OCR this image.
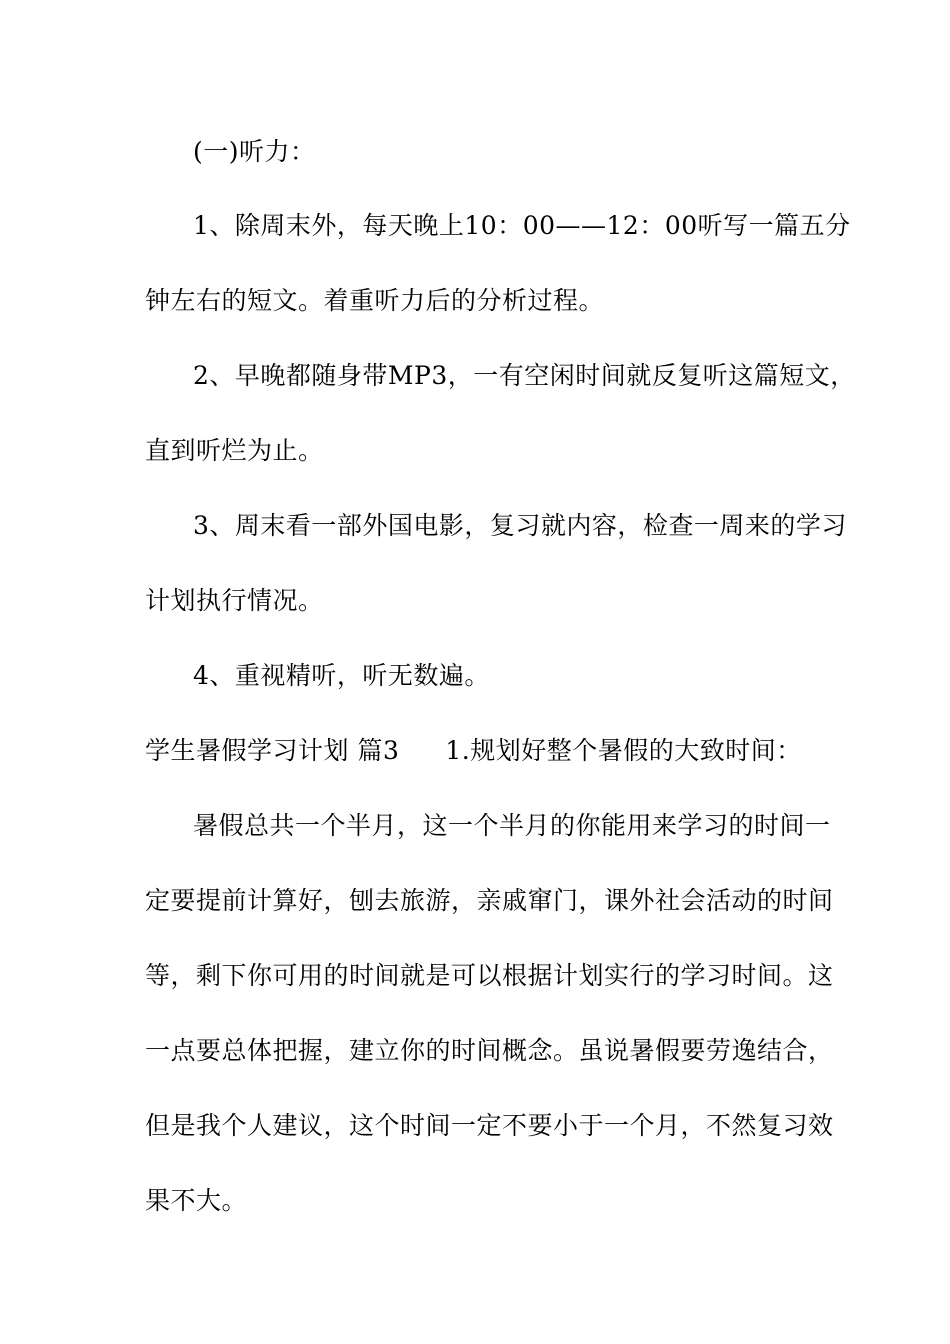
(一)听力：
1、除周末外，每天晚上10：00——12：00听写一篇五分
钟左右的短文。着重听力后的分析过程。
2、早晚都随身带MP3，一有空闲时间就反复听这篇短文，
直到听烂为止。
3、周末看一部外国电影，复习就内容，检查一周来的学习
计划执行情况。
4、重视精听，听无数遍。
学生暑假学习计划 篇3 1.规划好整个暑假的大致时间：
暑假总共一个半月，这一个半月的你能用来学习的时间一
定要提前计算好，刨去旅游，亲戚窜门，课外社会活动的时间
等，剩下你可用的时间就是可以根据计划实行的学习时间。这
一点要总体把握，建立你的时间概念。虽说暑假要劳逸结合，
但是我个人建议，这个时间一定不要小于一个月，不然复习效
果不大。
